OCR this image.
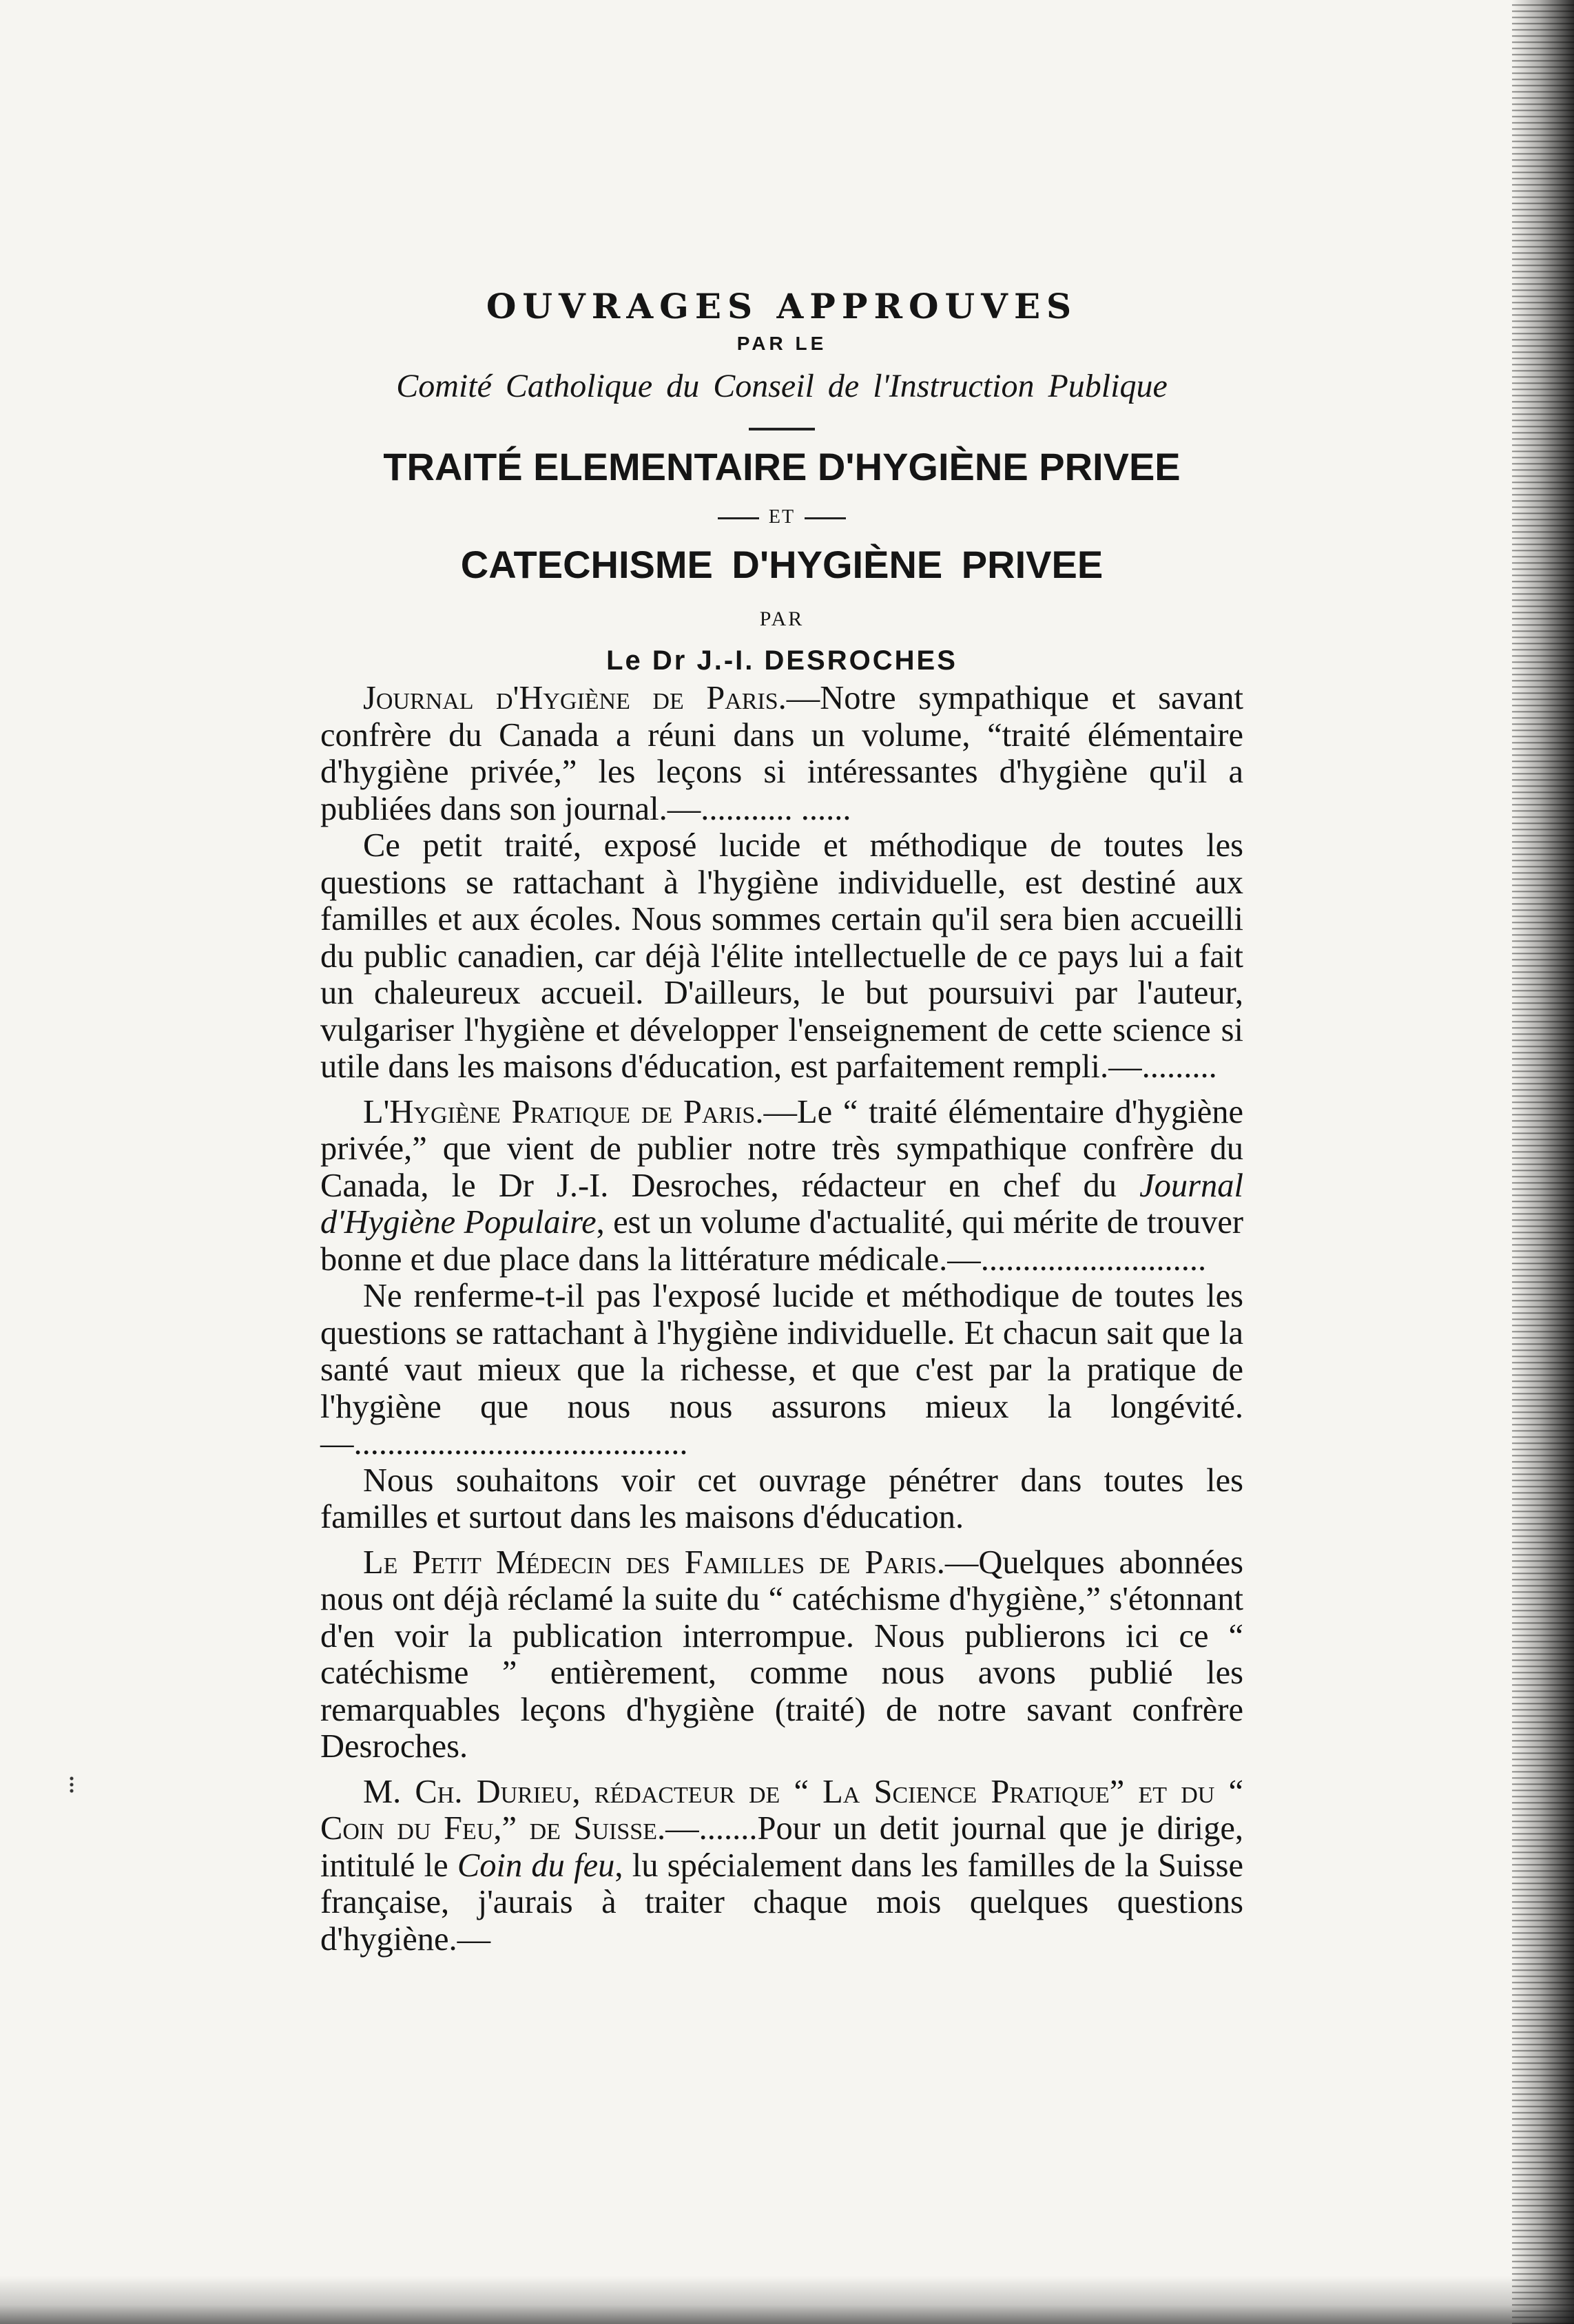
OUVRAGES APPROUVES
PAR LE
Comité Catholique du Conseil de l'Instruction Publique
TRAITÉ ELEMENTAIRE D'HYGIÈNE PRIVEE
ET
CATECHISME D'HYGIÈNE PRIVEE
PAR
Le Dr J.-I. DESROCHES

Journal d'Hygiène de Paris.—Notre sympathique et savant confrère du Canada a réuni dans un volume, “traité élémentaire d'hygiène privée,” les leçons si intéressantes d'hygiène qu'il a publiées dans son journal.—........... ......

Ce petit traité, exposé lucide et méthodique de toutes les questions se rattachant à l'hygiène individuelle, est destiné aux familles et aux écoles. Nous sommes certain qu'il sera bien accueilli du public canadien, car déjà l'élite intellectuelle de ce pays lui a fait un chaleureux accueil. D'ailleurs, le but poursuivi par l'auteur, vulgariser l'hygiène et développer l'enseignement de cette science si utile dans les maisons d'éducation, est parfaitement rempli.—.........

L'Hygiène Pratique de Paris.—Le “ traité élémentaire d'hygiène privée,” que vient de publier notre très sympathique confrère du Canada, le Dr J.-I. Desroches, rédacteur en chef du Journal d'Hygiène Populaire, est un volume d'actualité, qui mérite de trouver bonne et due place dans la littérature médicale.—...........................

Ne renferme-t-il pas l'exposé lucide et méthodique de toutes les questions se rattachant à l'hygiène individuelle. Et chacun sait que la santé vaut mieux que la richesse, et que c'est par la pratique de l'hygiène que nous nous assurons mieux la longévité.—........................................

Nous souhaitons voir cet ouvrage pénétrer dans toutes les familles et surtout dans les maisons d'éducation.

Le Petit Médecin des Familles de Paris.—Quelques abonnées nous ont déjà réclamé la suite du “ catéchisme d'hygiène,” s'étonnant d'en voir la publication interrompue. Nous publierons ici ce “ catéchisme ” entièrement, comme nous avons publié les remarquables leçons d'hygiène (traité) de notre savant confrère Desroches.

M. Ch. Durieu, rédacteur de “ La Science Pratique” et du “ Coin du Feu,” de Suisse.—.......Pour un detit journal que je dirige, intitulé le Coin du feu, lu spécialement dans les familles de la Suisse française, j'aurais à traiter chaque mois quelques questions d'hygiène.—
